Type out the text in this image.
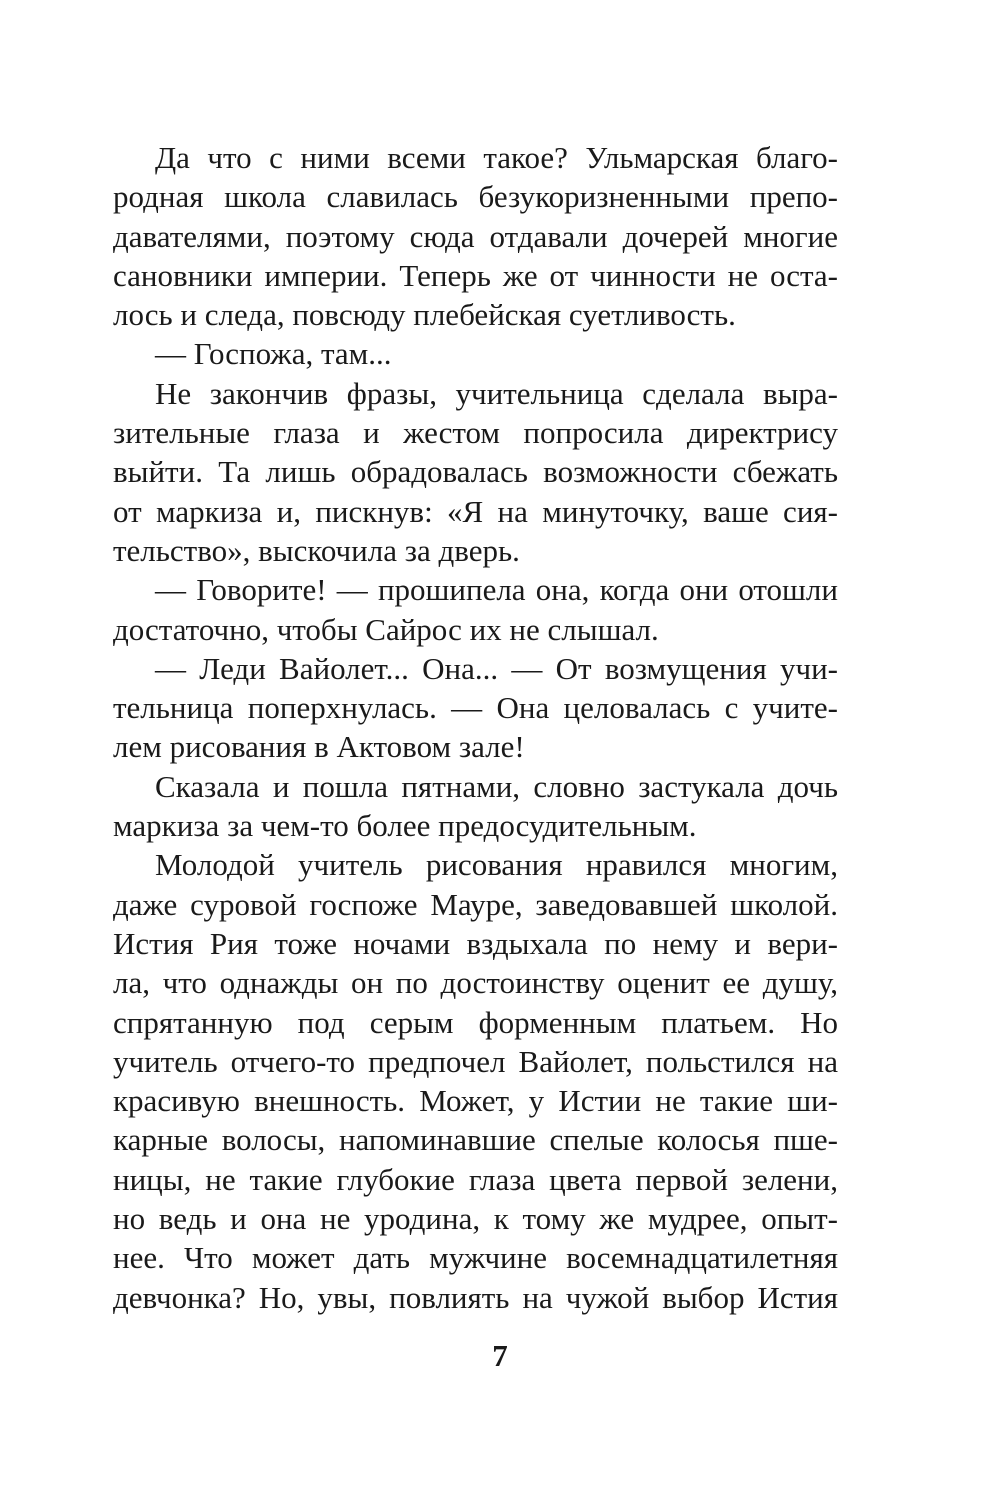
Да что с ними всеми такое? Ульмарская благо-
родная школа славилась безукоризненными препо-
давателями, поэтому сюда отдавали дочерей многие
сановники империи. Теперь же от чинности не оста-
лось и следа, повсюду плебейская суетливость.
— Госпожа, там...
Не закончив фразы, учительница сделала выра-
зительные глаза и жестом попросила директрису
выйти. Та лишь обрадовалась возможности сбежать
от маркиза и, пискнув: «Я на минуточку, ваше сия-
тельство», выскочила за дверь.
— Говорите! — прошипела она, когда они отошли
достаточно, чтобы Сайрос их не слышал.
— Леди Вайолет... Она... — От возмущения учи-
тельница поперхнулась. — Она целовалась с учите-
лем рисования в Актовом зале!
Сказала и пошла пятнами, словно застукала дочь
маркиза за чем-то более предосудительным.
Молодой учитель рисования нравился многим,
даже суровой госпоже Мауре, заведовавшей школой.
Истия Рия тоже ночами вздыхала по нему и вери-
ла, что однажды он по достоинству оценит ее душу,
спрятанную под серым форменным платьем. Но
учитель отчего-то предпочел Вайолет, польстился на
красивую внешность. Может, у Истии не такие ши-
карные волосы, напоминавшие спелые колосья пше-
ницы, не такие глубокие глаза цвета первой зелени,
но ведь и она не уродина, к тому же мудрее, опыт-
нее. Что может дать мужчине восемнадцатилетняя
девчонка? Но, увы, повлиять на чужой выбор Истия
7
